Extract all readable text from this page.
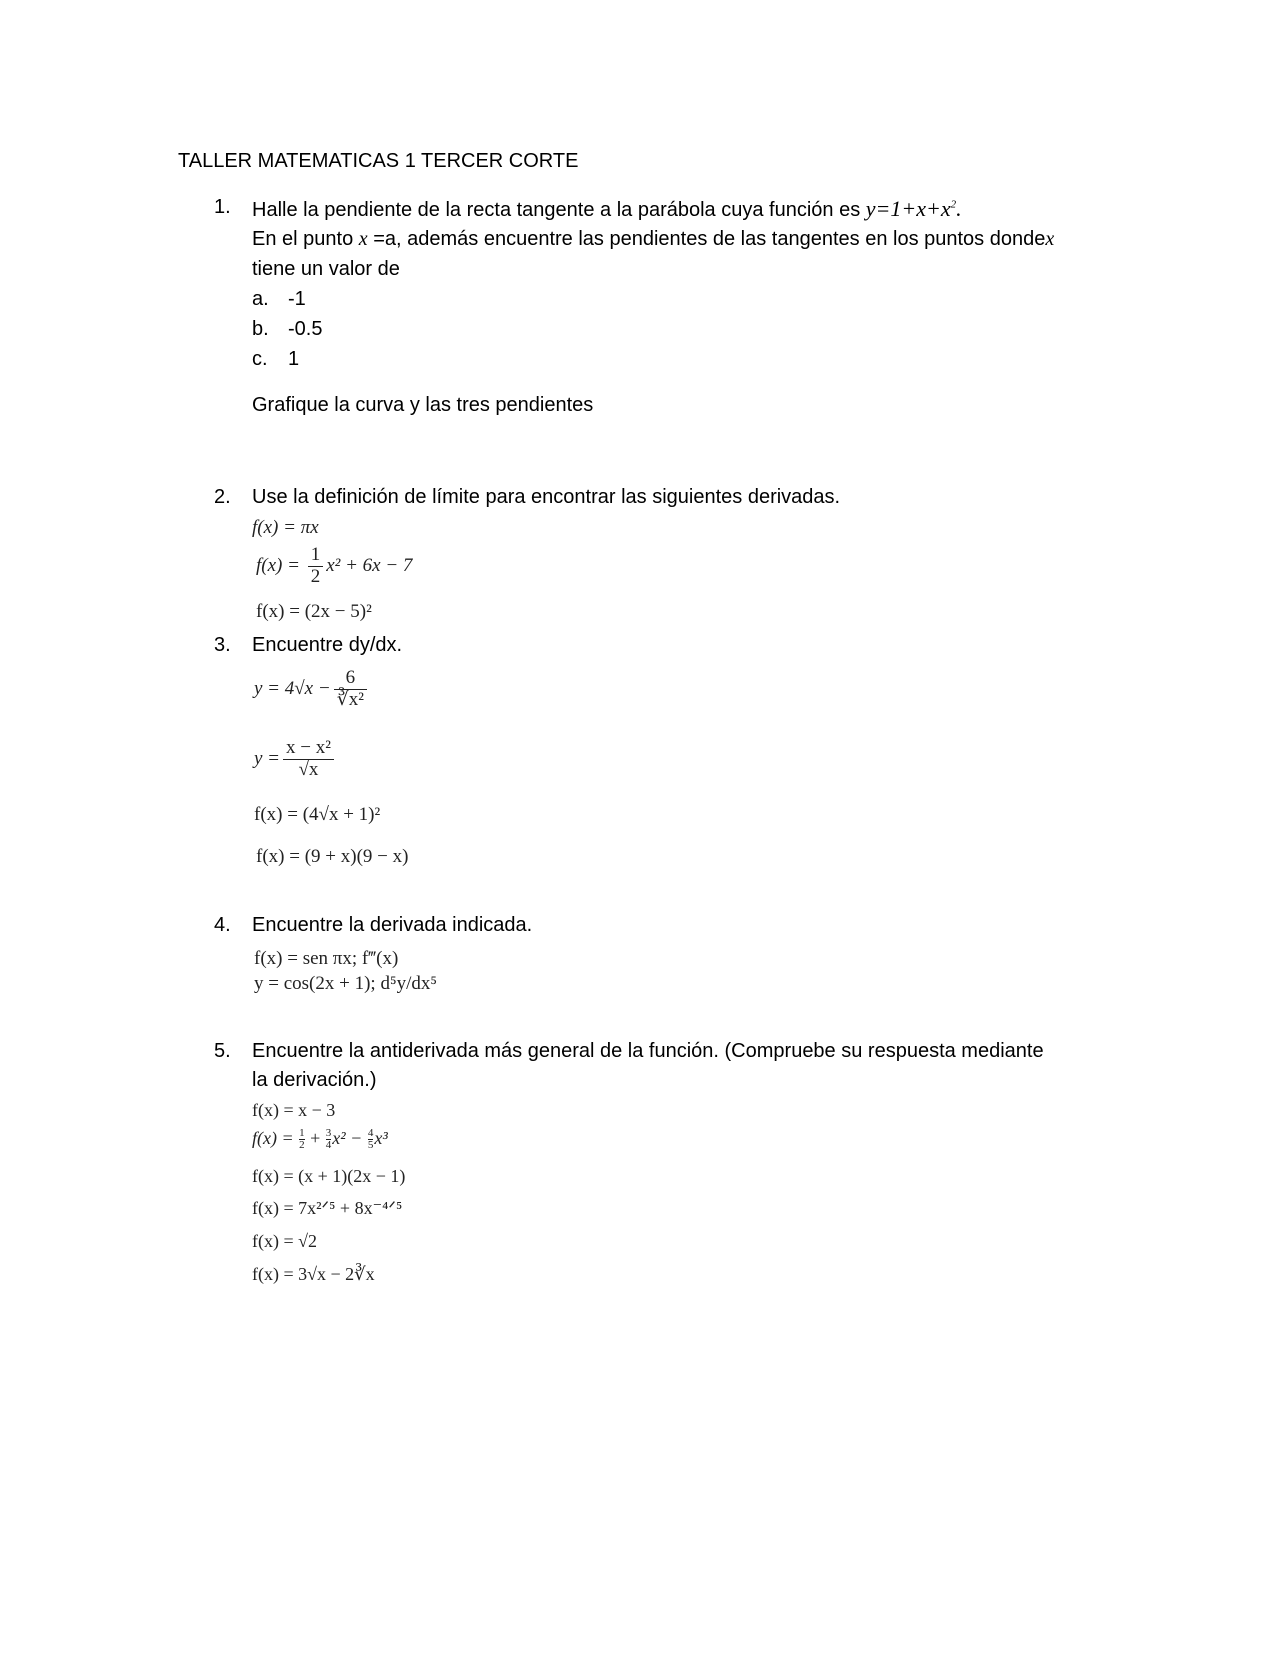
TALLER MATEMATICAS 1 TERCER CORTE
1. Halle la pendiente de la recta tangente a la parábola cuya función es $y=1+x+x^2$.
En el punto x =a, además encuentre las pendientes de las tangentes en los puntos dondex
tiene un valor de
a. -1
b. -0.5
c. 1
Grafique la curva y las tres pendientes
2. Use la definición de límite para encontrar las siguientes derivadas.
f(x) = πx
$f(x) = \frac{1}{2} x^2 + 6x - 7$
f(x) = (2x − 5)²
3. Encuentre dy/dx.
$y = 4√x - \frac{6}{\text{∛x²}}$
$y = \frac{\text{x − x²}}{√x}$
f(x) = (4√x + 1)²
f(x) = (9 + x)(9 − x)
4. Encuentre la derivada indicada.
f(x) = sen πx; f‴(x)
y = cos(2x + 1); d⁵y/dx⁵
5. Encuentre la antiderivada más general de la función. (Compruebe su respuesta mediante
la derivación.)
f(x) = x − 3
$f(x) = \frac{1}{2} + \frac{3}{4} x^2 - \frac{4}{5} x^3$
f(x) = (x + 1)(2x − 1)
f(x) = 7x²ᐟ⁵ + 8x⁻⁴ᐟ⁵
f(x) = √2
f(x) = 3√x − 2∛x
